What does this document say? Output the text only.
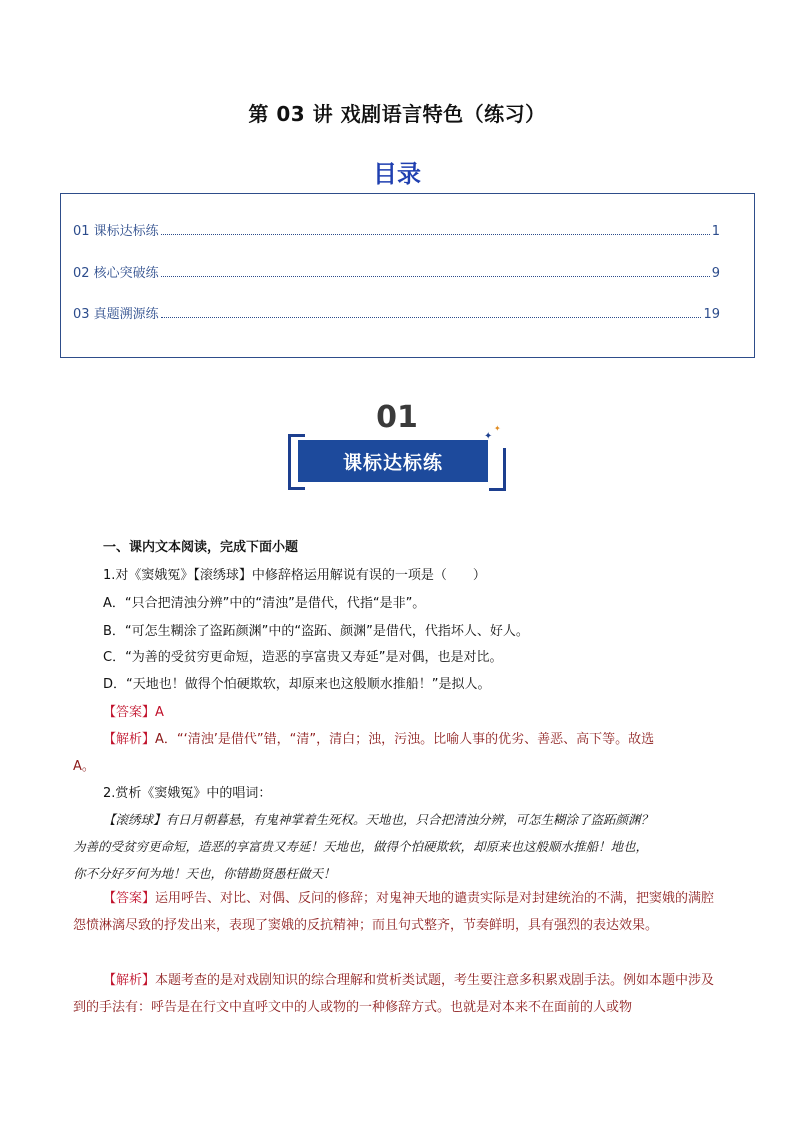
第 03 讲 戏剧语言特色（练习）
目录
01 课标达标练	1
02 核心突破练	9
03 真题溯源练	19
01
课标达标练
✦
✦
一、课内文本阅读，完成下面小题
1.对《窦娥冤》【滚绣球】中修辞格运用解说有误的一项是（　　）
A．“只合把清浊分辨”中的“清浊”是借代，代指“是非”。
B．“可怎生糊涂了盗跖颜渊”中的“盗跖、颜渊”是借代，代指坏人、好人。
C．“为善的受贫穷更命短，造恶的享富贵又寿延”是对偶，也是对比。
D．“天地也！做得个怕硬欺软，却原来也这般顺水推船！”是拟人。
【答案】A
【解析】A．“‘清浊’是借代”错，“清”，清白；浊，污浊。比喻人事的优劣、善恶、高下等。故选
A。
2.赏析《窦娥冤》中的唱词：
【滚绣球】有日月朝暮悬，有鬼神掌着生死权。天地也，只合把清浊分辨，可怎生糊涂了盗跖颜渊？
为善的受贫穷更命短，造恶的享富贵又寿延！天地也，做得个怕硬欺软，却原来也这般顺水推船！地也，
你不分好歹何为地！天也，你错勘贤愚枉做天！
【答案】运用呼告、对比、对偶、反问的修辞；对鬼神天地的谴责实际是对封建统治的不满，把窦娥的满腔怨愤淋漓尽致的抒发出来，表现了窦娥的反抗精神；而且句式整齐，节奏鲜明，具有强烈的表达效果。
【解析】本题考查的是对戏剧知识的综合理解和赏析类试题，考生要注意多积累戏剧手法。例如本题中涉及到的手法有：呼告是在行文中直呼文中的人或物的一种修辞方式。也就是对本来不在面前的人或物
